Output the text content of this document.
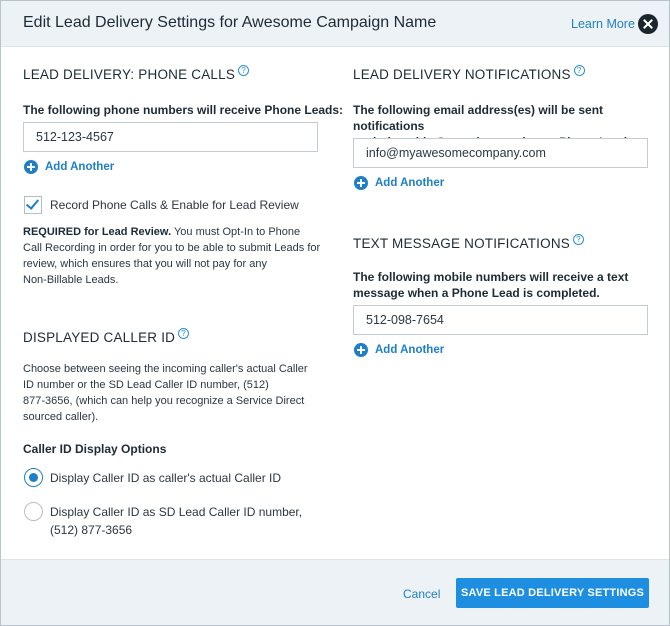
Edit Lead Delivery Settings for Awesome Campaign Name	Learn More
LEAD DELIVERY: PHONE CALLS ?
The following phone numbers will receive Phone Leads:
512-123-4567
Add Another
Record Phone Calls & Enable for Lead Review
REQUIRED for Lead Review. You must Opt-In to Phone
Call Recording in order for you to be able to submit Leads for
review, which ensures that you will not pay for any
Non-Billable Leads.
DISPLAYED CALLER ID ?
Choose between seeing the incoming caller's actual Caller
ID number or the SD Lead Caller ID number, (512)
877-3656, (which can help you recognize a Service Direct
sourced caller).
Caller ID Display Options
Display Caller ID as caller's actual Caller ID
Display Caller ID as SD Lead Caller ID number,
(512) 877-3656
LEAD DELIVERY NOTIFICATIONS ?
The following email address(es) will be sent notifications

info@myawesomecompany.com
Add Another
TEXT MESSAGE NOTIFICATIONS ?
The following mobile numbers will receive a text
message when a Phone Lead is completed.
512-098-7654
Add Another
Cancel	SAVE LEAD DELIVERY SETTINGS
